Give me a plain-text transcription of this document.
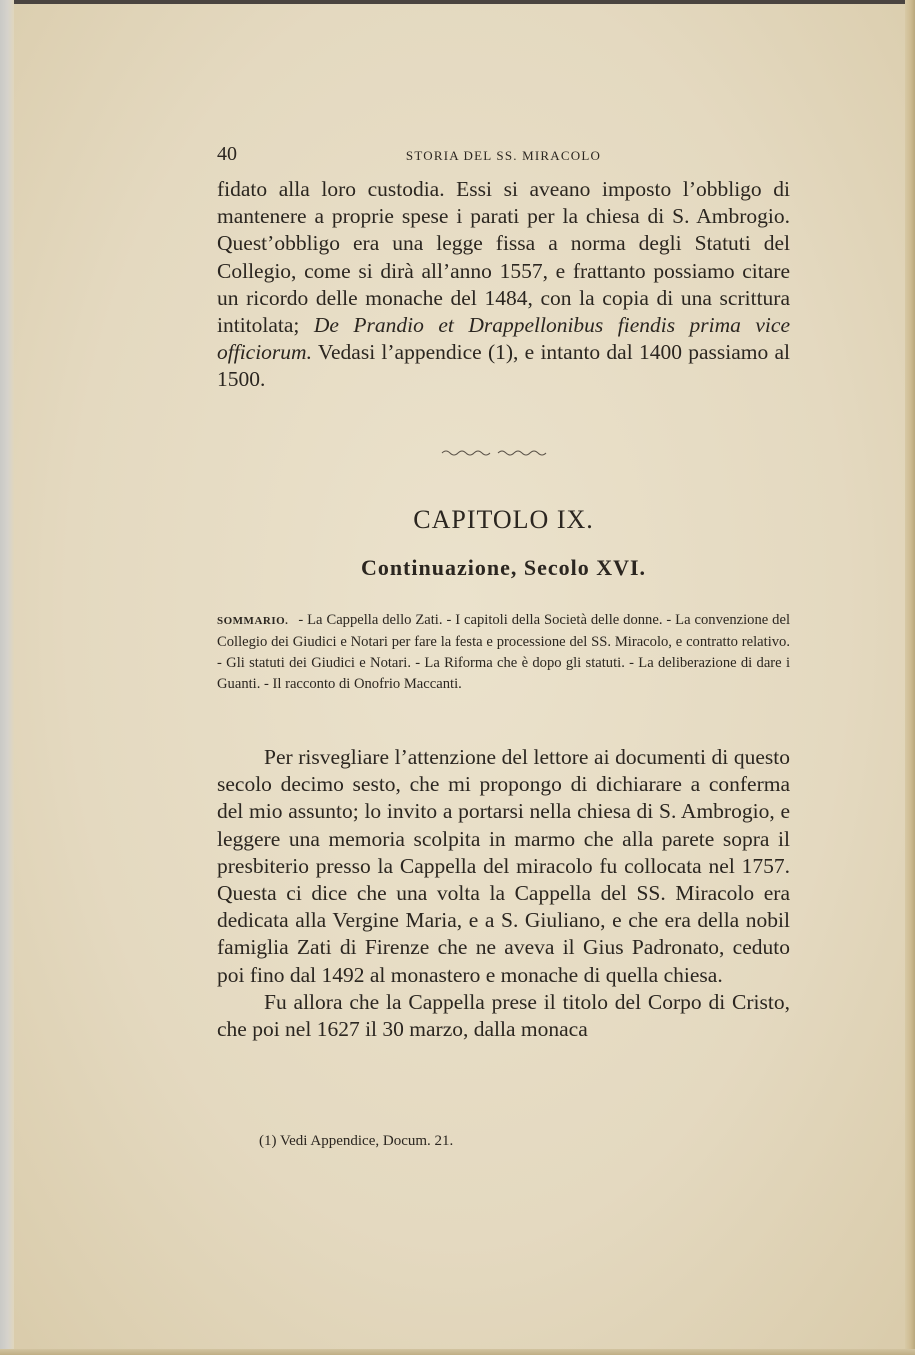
40	STORIA DEL SS. MIRACOLO
fidato alla loro custodia. Essi si aveano imposto l’obbligo di mantenere a proprie spese i parati per la chiesa di S. Ambrogio. Quest’obbligo era una legge fissa a norma degli Statuti del Collegio, come si dirà all’anno 1557, e frattanto possiamo citare un ricordo delle monache del 1484, con la copia di una scrittura intitolata; De Prandio et Drappellonibus fiendis prima vice officiorum. Vedasi l’appendice (1), e intanto dal 1400 passiamo al 1500.
CAPITOLO IX.
Continuazione, Secolo XVI.
SOMMARIO. - La Cappella dello Zati. - I capitoli della Società delle donne. - La convenzione del Collegio dei Giudici e Notari per fare la festa e processione del SS. Miracolo, e contratto relativo. - Gli statuti dei Giudici e Notari. - La Riforma che è dopo gli statuti. - La deliberazione di dare i Guanti. - Il racconto di Onofrio Maccanti.

Per risvegliare l’attenzione del lettore ai documenti di questo secolo decimo sesto, che mi propongo di dichiarare a conferma del mio assunto; lo invito a portarsi nella chiesa di S. Ambrogio, e leggere una memoria scolpita in marmo che alla parete sopra il presbiterio presso la Cappella del miracolo fu collocata nel 1757. Questa ci dice che una volta la Cappella del SS. Miracolo era dedicata alla Vergine Maria, e a S. Giuliano, e che era della nobil famiglia Zati di Firenze che ne aveva il Gius Padronato, ceduto poi fino dal 1492 al monastero e monache di quella chiesa.

Fu allora che la Cappella prese il titolo del Corpo di Cristo, che poi nel 1627 il 30 marzo, dalla monaca

(1) Vedi Appendice, Docum. 21.
